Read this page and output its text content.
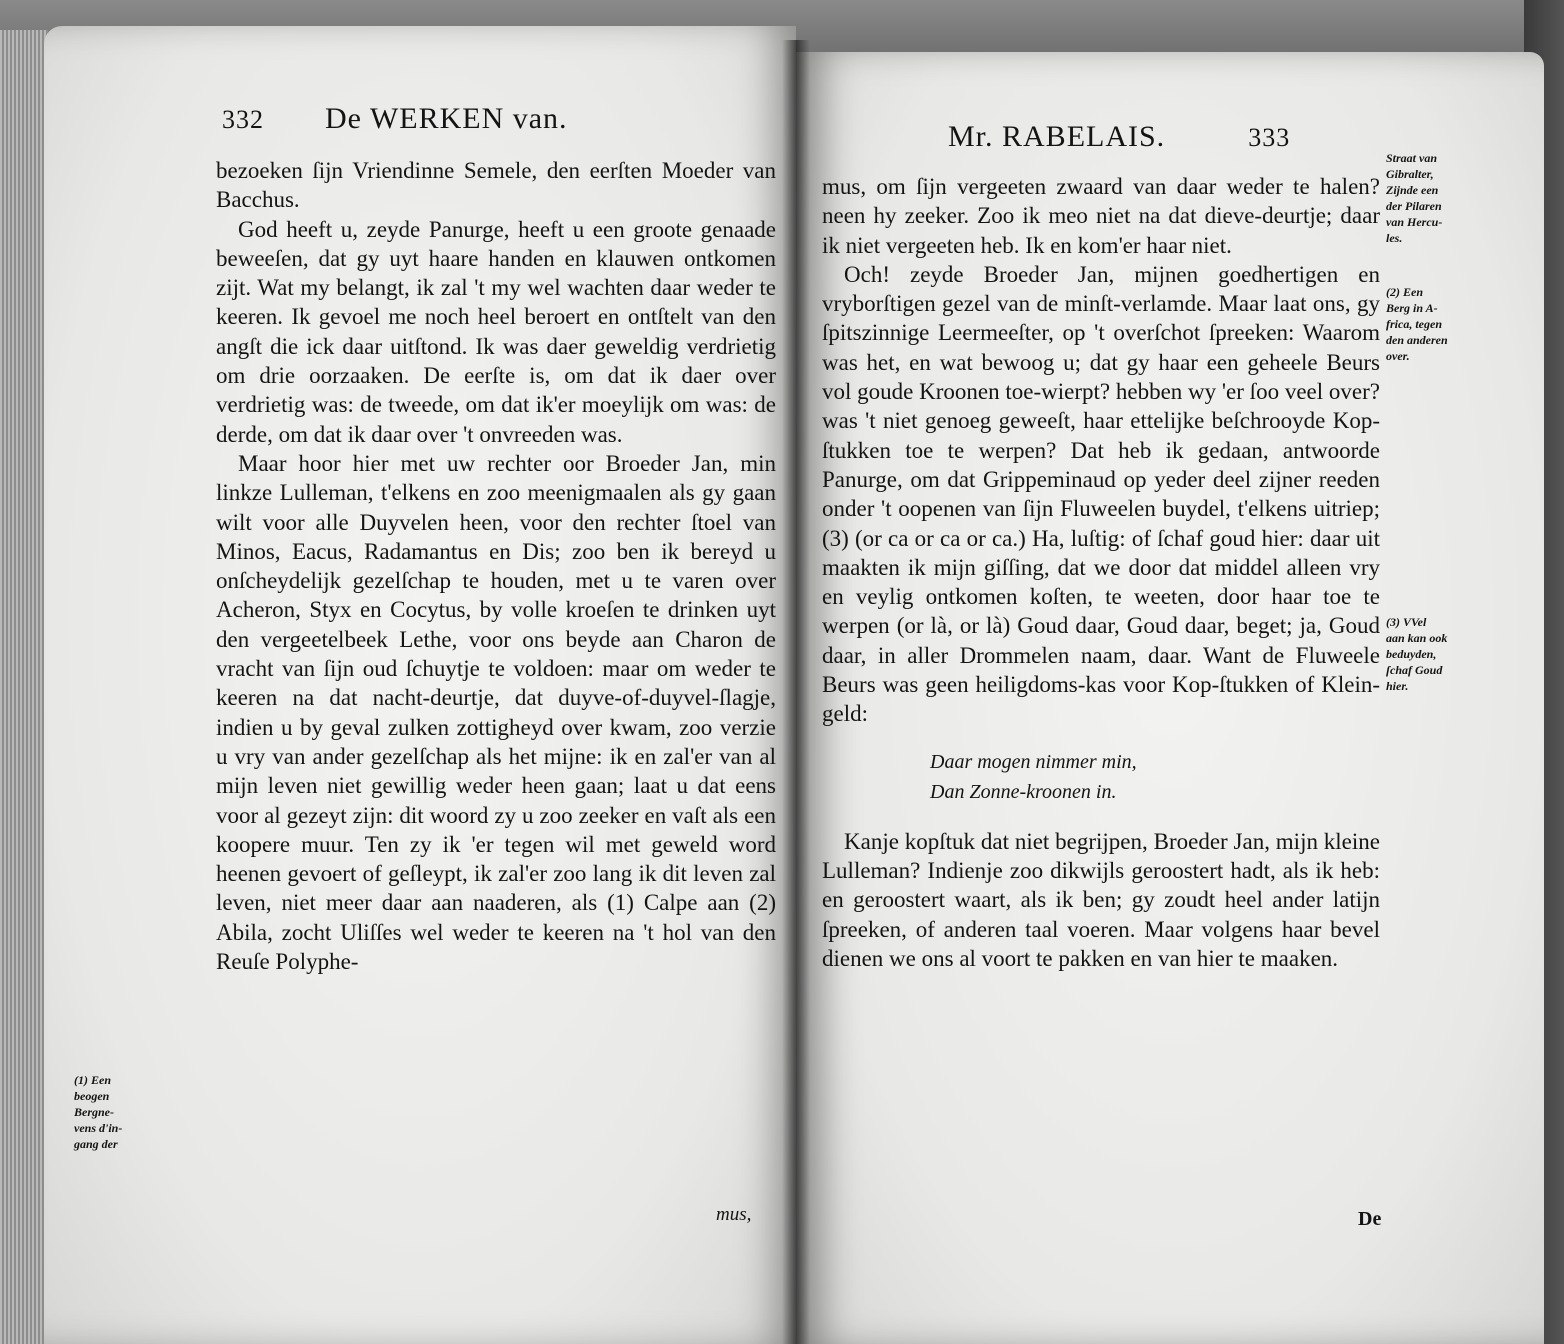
332 De WERKEN van.

bezoeken ſijn Vriendinne Semele, den eerſten Moeder van Bacchus.

God heeft u, zeyde Panurge, heeft u een groote genaade beweeſen, dat gy uyt haare handen en klauwen ontkomen zijt. Wat my belangt, ik zal 't my wel wachten daar weder te keeren. Ik gevoel me noch heel beroert en ontſtelt van den angſt die ick daar uitſtond. Ik was daer geweldig verdrietig om drie oorzaaken. De eerſte is, om dat ik daer over verdrietig was: de tweede, om dat ik'er moeylijk om was: de derde, om dat ik daar over 't onvreeden was.

Maar hoor hier met uw rechter oor Broeder Jan, min linkze Lulleman, t'elkens en zoo meenigmaalen als gy gaan wilt voor alle Duyvelen heen, voor den rechter ſtoel van Minos, Eacus, Radamantus en Dis; zoo ben ik bereyd u onſcheydelijk gezelſchap te houden, met u te varen over Acheron, Styx en Cocytus, by volle kroeſen te drinken uyt den vergeetelbeek Lethe, voor ons beyde aan Charon de vracht van ſijn oud ſchuytje te voldoen: maar om weder te keeren na dat nacht-deurtje, dat duyve-of-duyvel-ſlagje, indien u by geval zulken zottigheyd over kwam, zoo verzie u vry van ander gezelſchap als het mijne: ik en zal'er van al mijn leven niet gewillig weder heen gaan; laat u dat eens voor al gezeyt zijn: dit woord zy u zoo zeeker en vaſt als een koopere muur. Ten zy ik 'er tegen wil met geweld word heenen gevoert of geſleypt, ik zal'er zoo lang ik dit leven zal leven, niet meer daar aan naaderen, als (1) Calpe aan (2) Abila, zocht Uliſſes wel weder te keeren na 't hol van den Reuſe Polyphe-

mus,
(1) Een
beogen
Bergne-
vens d'in-
gang der
Mr. RABELAIS.	333

mus, om ſijn vergeeten zwaard van daar weder te halen? neen hy zeeker. Zoo ik meo niet na dat dieve-deurtje; daar ik niet vergeeten heb. Ik en kom'er haar niet.

Och! zeyde Broeder Jan, mijnen goedhertigen en vryborſtigen gezel van de minſt-verlamde. Maar laat ons, gy ſpitszinnige Leermeeſter, op 't overſchot ſpreeken: Waarom was het, en wat bewoog u; dat gy haar een geheele Beurs vol goude Kroonen toe-wierpt? hebben wy 'er ſoo veel over? was 't niet genoeg geweeſt, haar ettelijke beſchrooyde Kop-ſtukken toe te werpen? Dat heb ik gedaan, antwoorde Panurge, om dat Grippeminaud op yeder deel zijner reeden onder 't oopenen van ſijn Fluweelen buydel, t'elkens uitriep; (3) (or ca or ca or ca.) Ha, luſtig: of ſchaf goud hier: daar uit maakten ik mijn giſſing, dat we door dat middel alleen vry en veylig ontkomen koſten, te weeten, door haar toe te werpen (or là, or là) Goud daar, Goud daar, beget; ja, Goud daar, in aller Drommelen naam, daar. Want de Fluweele Beurs was geen heiligdoms-kas voor Kop-ſtukken of Klein-geld:

Daar mogen nimmer min,
Dan Zonne-kroonen in.

Kanje kopſtuk dat niet begrijpen, Broeder Jan, mijn kleine Lulleman? Indienje zoo dikwijls geroostert hadt, als ik heb: en geroostert waart, als ik ben; gy zoudt heel ander latijn ſpreeken, of anderen taal voeren. Maar volgens haar bevel dienen we ons al voort te pakken en van hier te maaken.

De
Straat van
Gibralter,
Zijnde een
der Pilaren
van Hercu-
les.
(2) Een
Berg in A-
frica, tegen
den anderen
over.
(3) VVel
aan kan ook
beduyden,
ſchaf Goud
hier.
